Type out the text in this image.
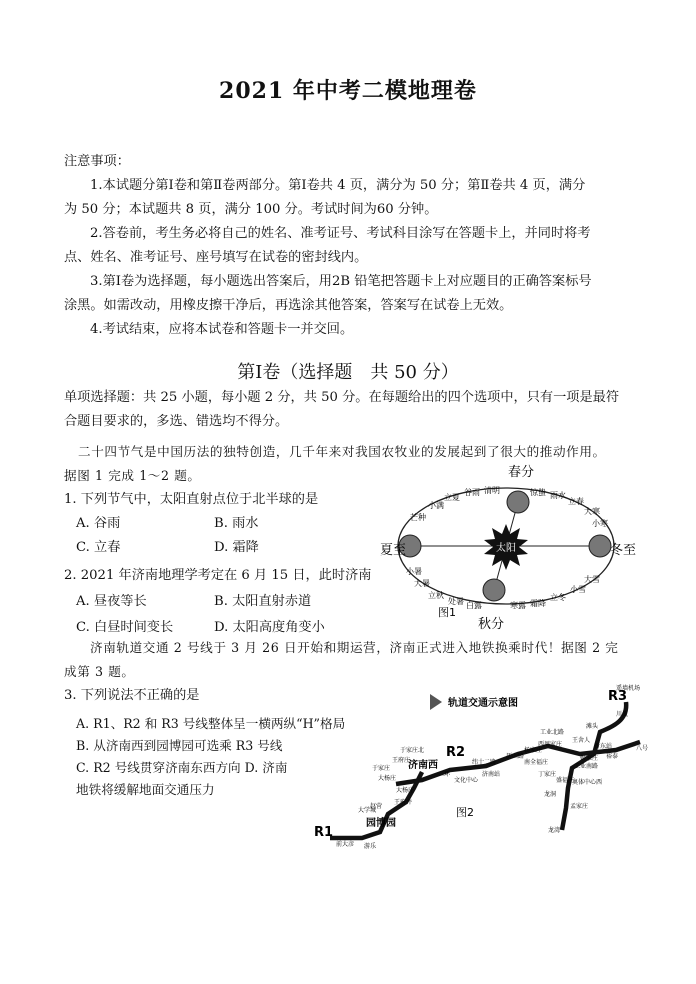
2021 年中考二模地理卷
注意事项：
1.本试题分第Ⅰ卷和第Ⅱ卷两部分。第Ⅰ卷共 4 页，满分为 50 分；第Ⅱ卷共 4 页，满分
为 50 分；本试题共 8 页，满分 100 分。考试时间为60 分钟。
2.答卷前，考生务必将自己的姓名、准考证号、考试科目涂写在答题卡上，并同时将考
点、姓名、准考证号、座号填写在试卷的密封线内。
3.第Ⅰ卷为选择题，每小题选出答案后，用2B 铅笔把答题卡上对应题目的正确答案标号
涂黑。如需改动，用橡皮擦干净后，再选涂其他答案，答案写在试卷上无效。
4.考试结束，应将本试卷和答题卡一并交回。
第Ⅰ卷（选择题　共 50 分）
单项选择题：共 25 小题，每小题 2 分，共 50 分。在每题给出的四个选项中，只有一项是最符
合题目要求的，多选、错选均不得分。
二十四节气是中国历法的独特创造，几千年来对我国农牧业的发展起到了很大的推动作用。
据图 1 完成 1～2 题。
1. 下列节气中，太阳直射点位于北半球的是
A. 谷雨	B. 雨水
C. 立春	D. 霜降
2. 2021 年济南地理学考定在 6 月 15 日，此时济南
A. 昼夜等长	B. 太阳直射赤道
C. 白昼时间变长	D. 太阳高度角变小
济南轨道交通 2 号线于 3 月 26 日开始和期运营，济南正式进入地铁换乘时代！据图 2 完
成第 3 题。
3. 下列说法不正确的是
A. R1、R2 和 R3 号线整体呈一横两纵“H”格局
B. 从济南西到园博园可选乘 R3 号线
C. R2 号线贯穿济南东西方向 D. 济南
地铁将缓解地面交通压力
太阳
春分
夏至	冬至
秋分
立夏
谷雨 清明	惊蛰 雨水
立春
大寒
小寒
小满
芒种
小暑
大暑
立秋
处暑 白露	寒露 霜降
立冬
小雪
大雪
图1
轨道交通示意图	R3
R2
R1
济南西
园博园
遥墙机场
川流
滩头
工业北路
西周家庄
王舍人
新东站
裕泰
姬家庄
八号
工业南路
丁家庄
南全福庄
盛福庄
奥体中心西
龙洞
孟家庄
龙湾
于家庄北
于家庄
王府庄
二环
文化中心
纬十二路
济南站
历山路
杨家庄
大杨庄
大杨庄
王府井
大学城
赵营
前大彦 游乐
图2
